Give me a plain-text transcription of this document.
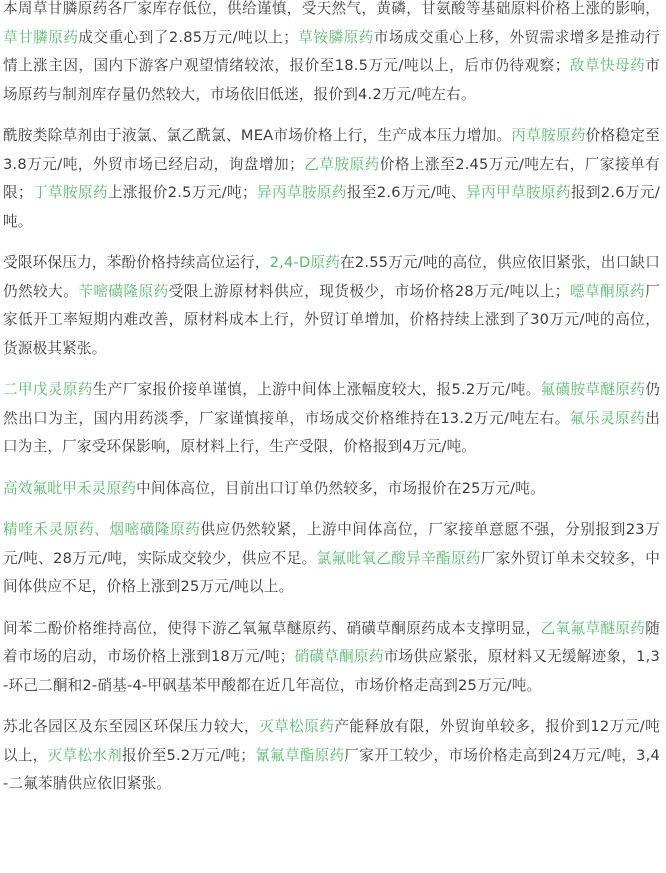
本周草甘膦原药各厂家库存低位，供给谨慎，受天然气，黄磷，甘氨酸等基础原料价格上涨的影响，草甘膦原药成交重心到了2.85万元/吨以上；草铵膦原药市场成交重心上移，外贸需求增多是推动行情上涨主因，国内下游客户观望情绪较浓，报价至18.5万元/吨以上，后市仍待观察；敌草快母药市场原药与制剂库存量仍然较大，市场依旧低迷，报价到4.2万元/吨左右。

酰胺类除草剂由于液氯、氯乙酰氯、MEA市场价格上行，生产成本压力增加。丙草胺原药价格稳定至3.8万元/吨，外贸市场已经启动，询盘增加；乙草胺原药价格上涨至2.45万元/吨左右，厂家接单有限；丁草胺原药上涨报价2.5万元/吨；异丙草胺原药报至2.6万元/吨、异丙甲草胺原药报到2.6万元/吨。

受限环保压力，苯酚价格持续高位运行，2,4-D原药在2.55万元/吨的高位，供应依旧紧张，出口缺口仍然较大。苄嘧磺隆原药受限上游原材料供应，现货极少，市场价格28万元/吨以上；噁草酮原药厂家低开工率短期内难改善，原材料成本上行，外贸订单增加，价格持续上涨到了30万元/吨的高位，货源极其紧张。

二甲戊灵原药生产厂家报价接单谨慎，上游中间体上涨幅度较大，报5.2万元/吨。氟磺胺草醚原药仍然出口为主，国内用药淡季，厂家谨慎接单，市场成交价格维持在13.2万元/吨左右。氟乐灵原药出口为主，厂家受环保影响，原材料上行，生产受限，价格报到4万元/吨。

高效氟吡甲禾灵原药中间体高位，目前出口订单仍然较多，市场报价在25万元/吨。

精喹禾灵原药、烟嘧磺隆原药供应仍然较紧，上游中间体高位，厂家接单意愿不强，分别报到23万元/吨、28万元/吨，实际成交较少，供应不足。氯氟吡氧乙酸异辛酯原药厂家外贸订单未交较多，中间体供应不足，价格上涨到25万元/吨以上。

间苯二酚价格维持高位，使得下游乙氧氟草醚原药、硝磺草酮原药成本支撑明显，乙氧氟草醚原药随着市场的启动，市场价格上涨到18万元/吨；硝磺草酮原药市场供应紧张，原材料又无缓解迹象，1,3-环己二酮和2-硝基-4-甲砜基苯甲酸都在近几年高位，市场价格走高到25万元/吨。

苏北各园区及东至园区环保压力较大，灭草松原药产能释放有限，外贸询单较多，报价到12万元/吨以上，灭草松水剂报价至5.2万元/吨；氰氟草酯原药厂家开工较少，市场价格走高到24万元/吨，3,4-二氟苯腈供应依旧紧张。
